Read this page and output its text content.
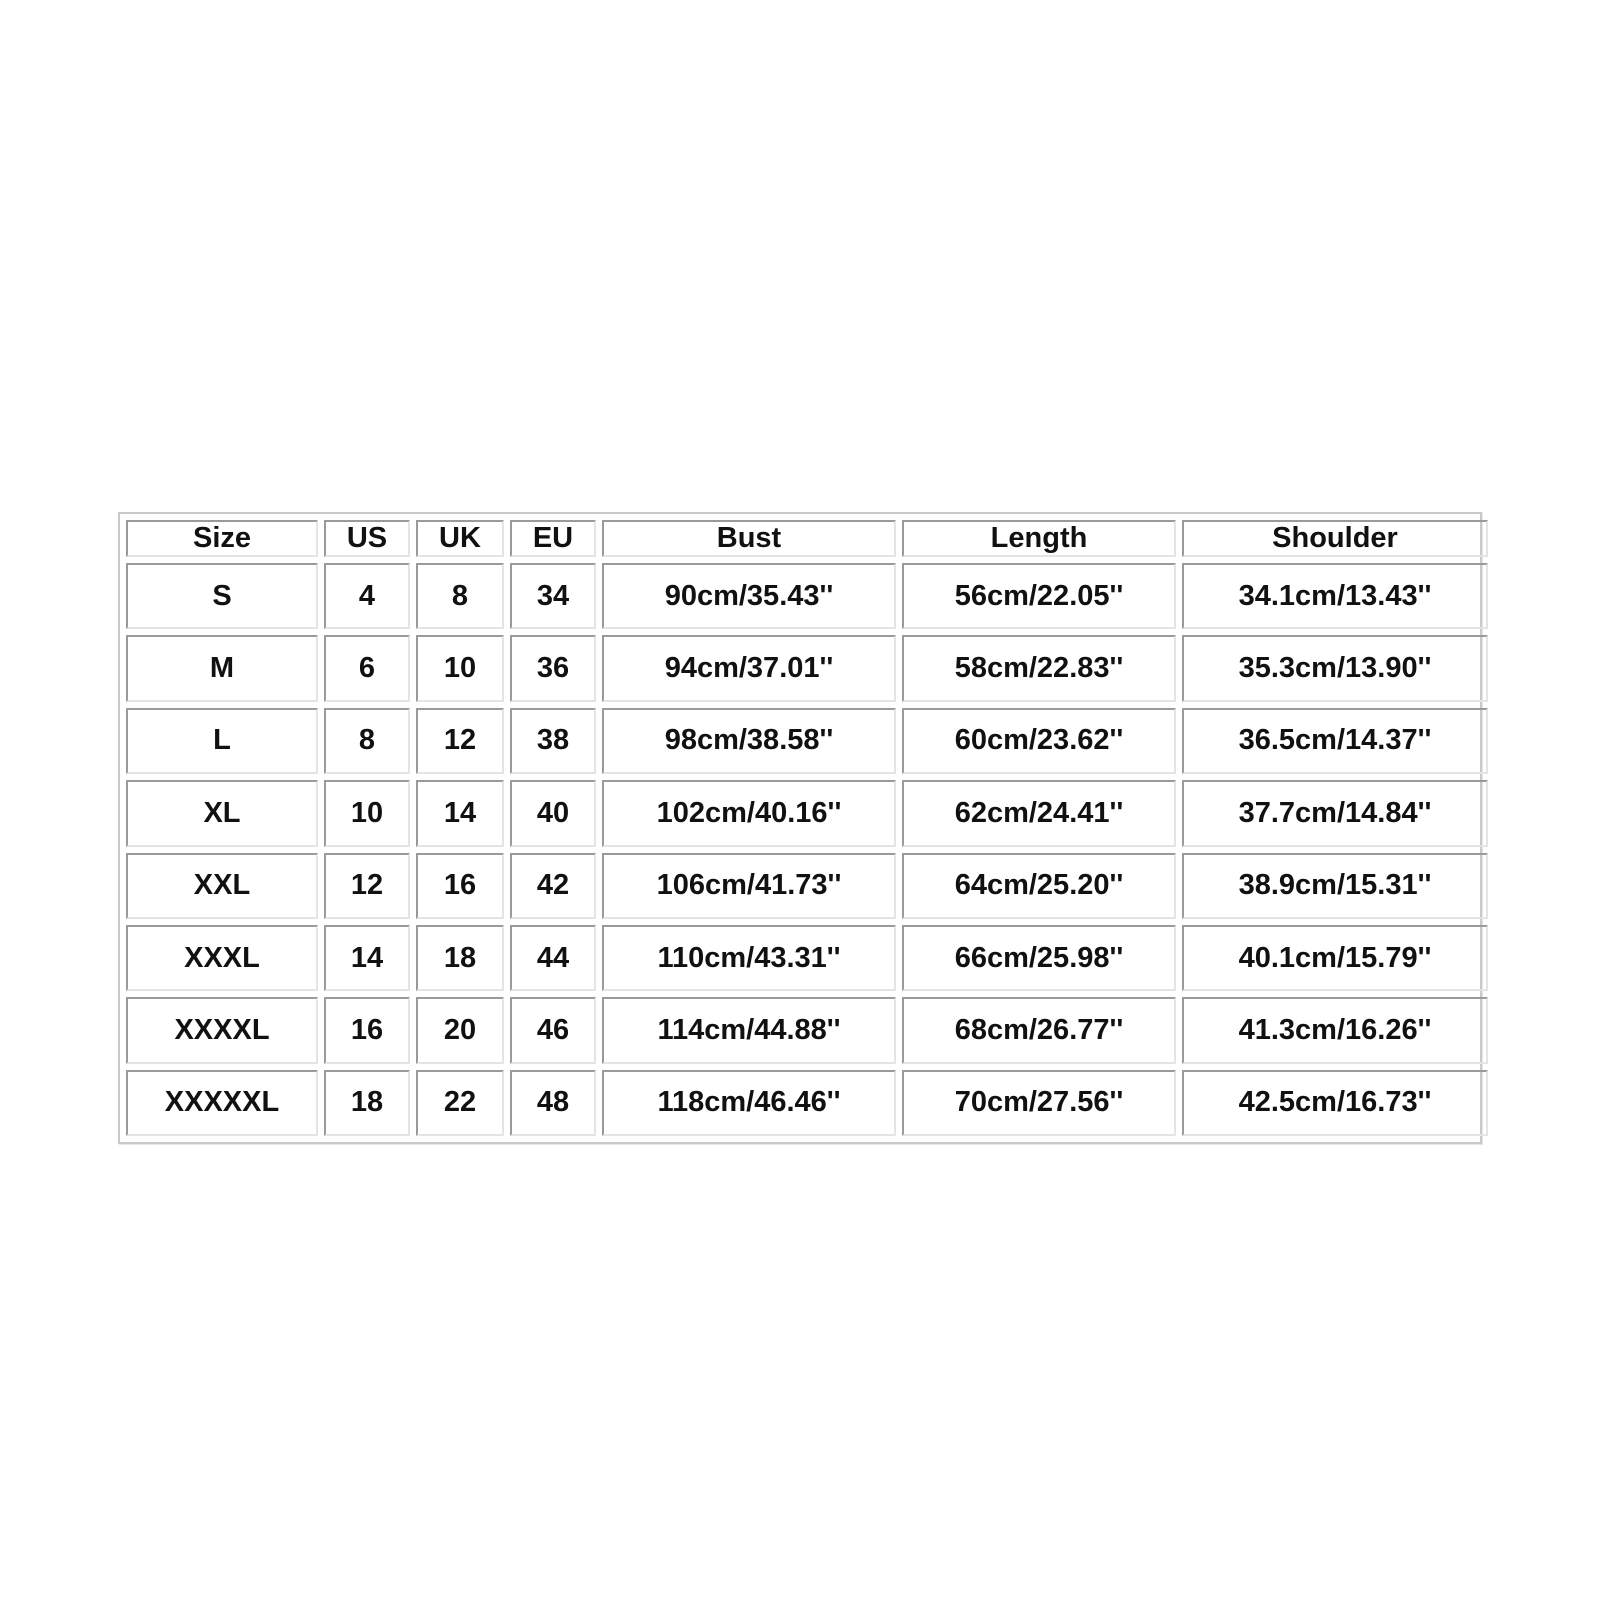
Size	US	UK	EU	Bust	Length	Shoulder
S	4	8	34	90cm/35.43''	56cm/22.05''	34.1cm/13.43''
M	6	10	36	94cm/37.01''	58cm/22.83''	35.3cm/13.90''
L	8	12	38	98cm/38.58''	60cm/23.62''	36.5cm/14.37''
XL	10	14	40	102cm/40.16''	62cm/24.41''	37.7cm/14.84''
XXL	12	16	42	106cm/41.73''	64cm/25.20''	38.9cm/15.31''
XXXL	14	18	44	110cm/43.31''	66cm/25.98''	40.1cm/15.79''
XXXXL	16	20	46	114cm/44.88''	68cm/26.77''	41.3cm/16.26''
XXXXXL	18	22	48	118cm/46.46''	70cm/27.56''	42.5cm/16.73''
